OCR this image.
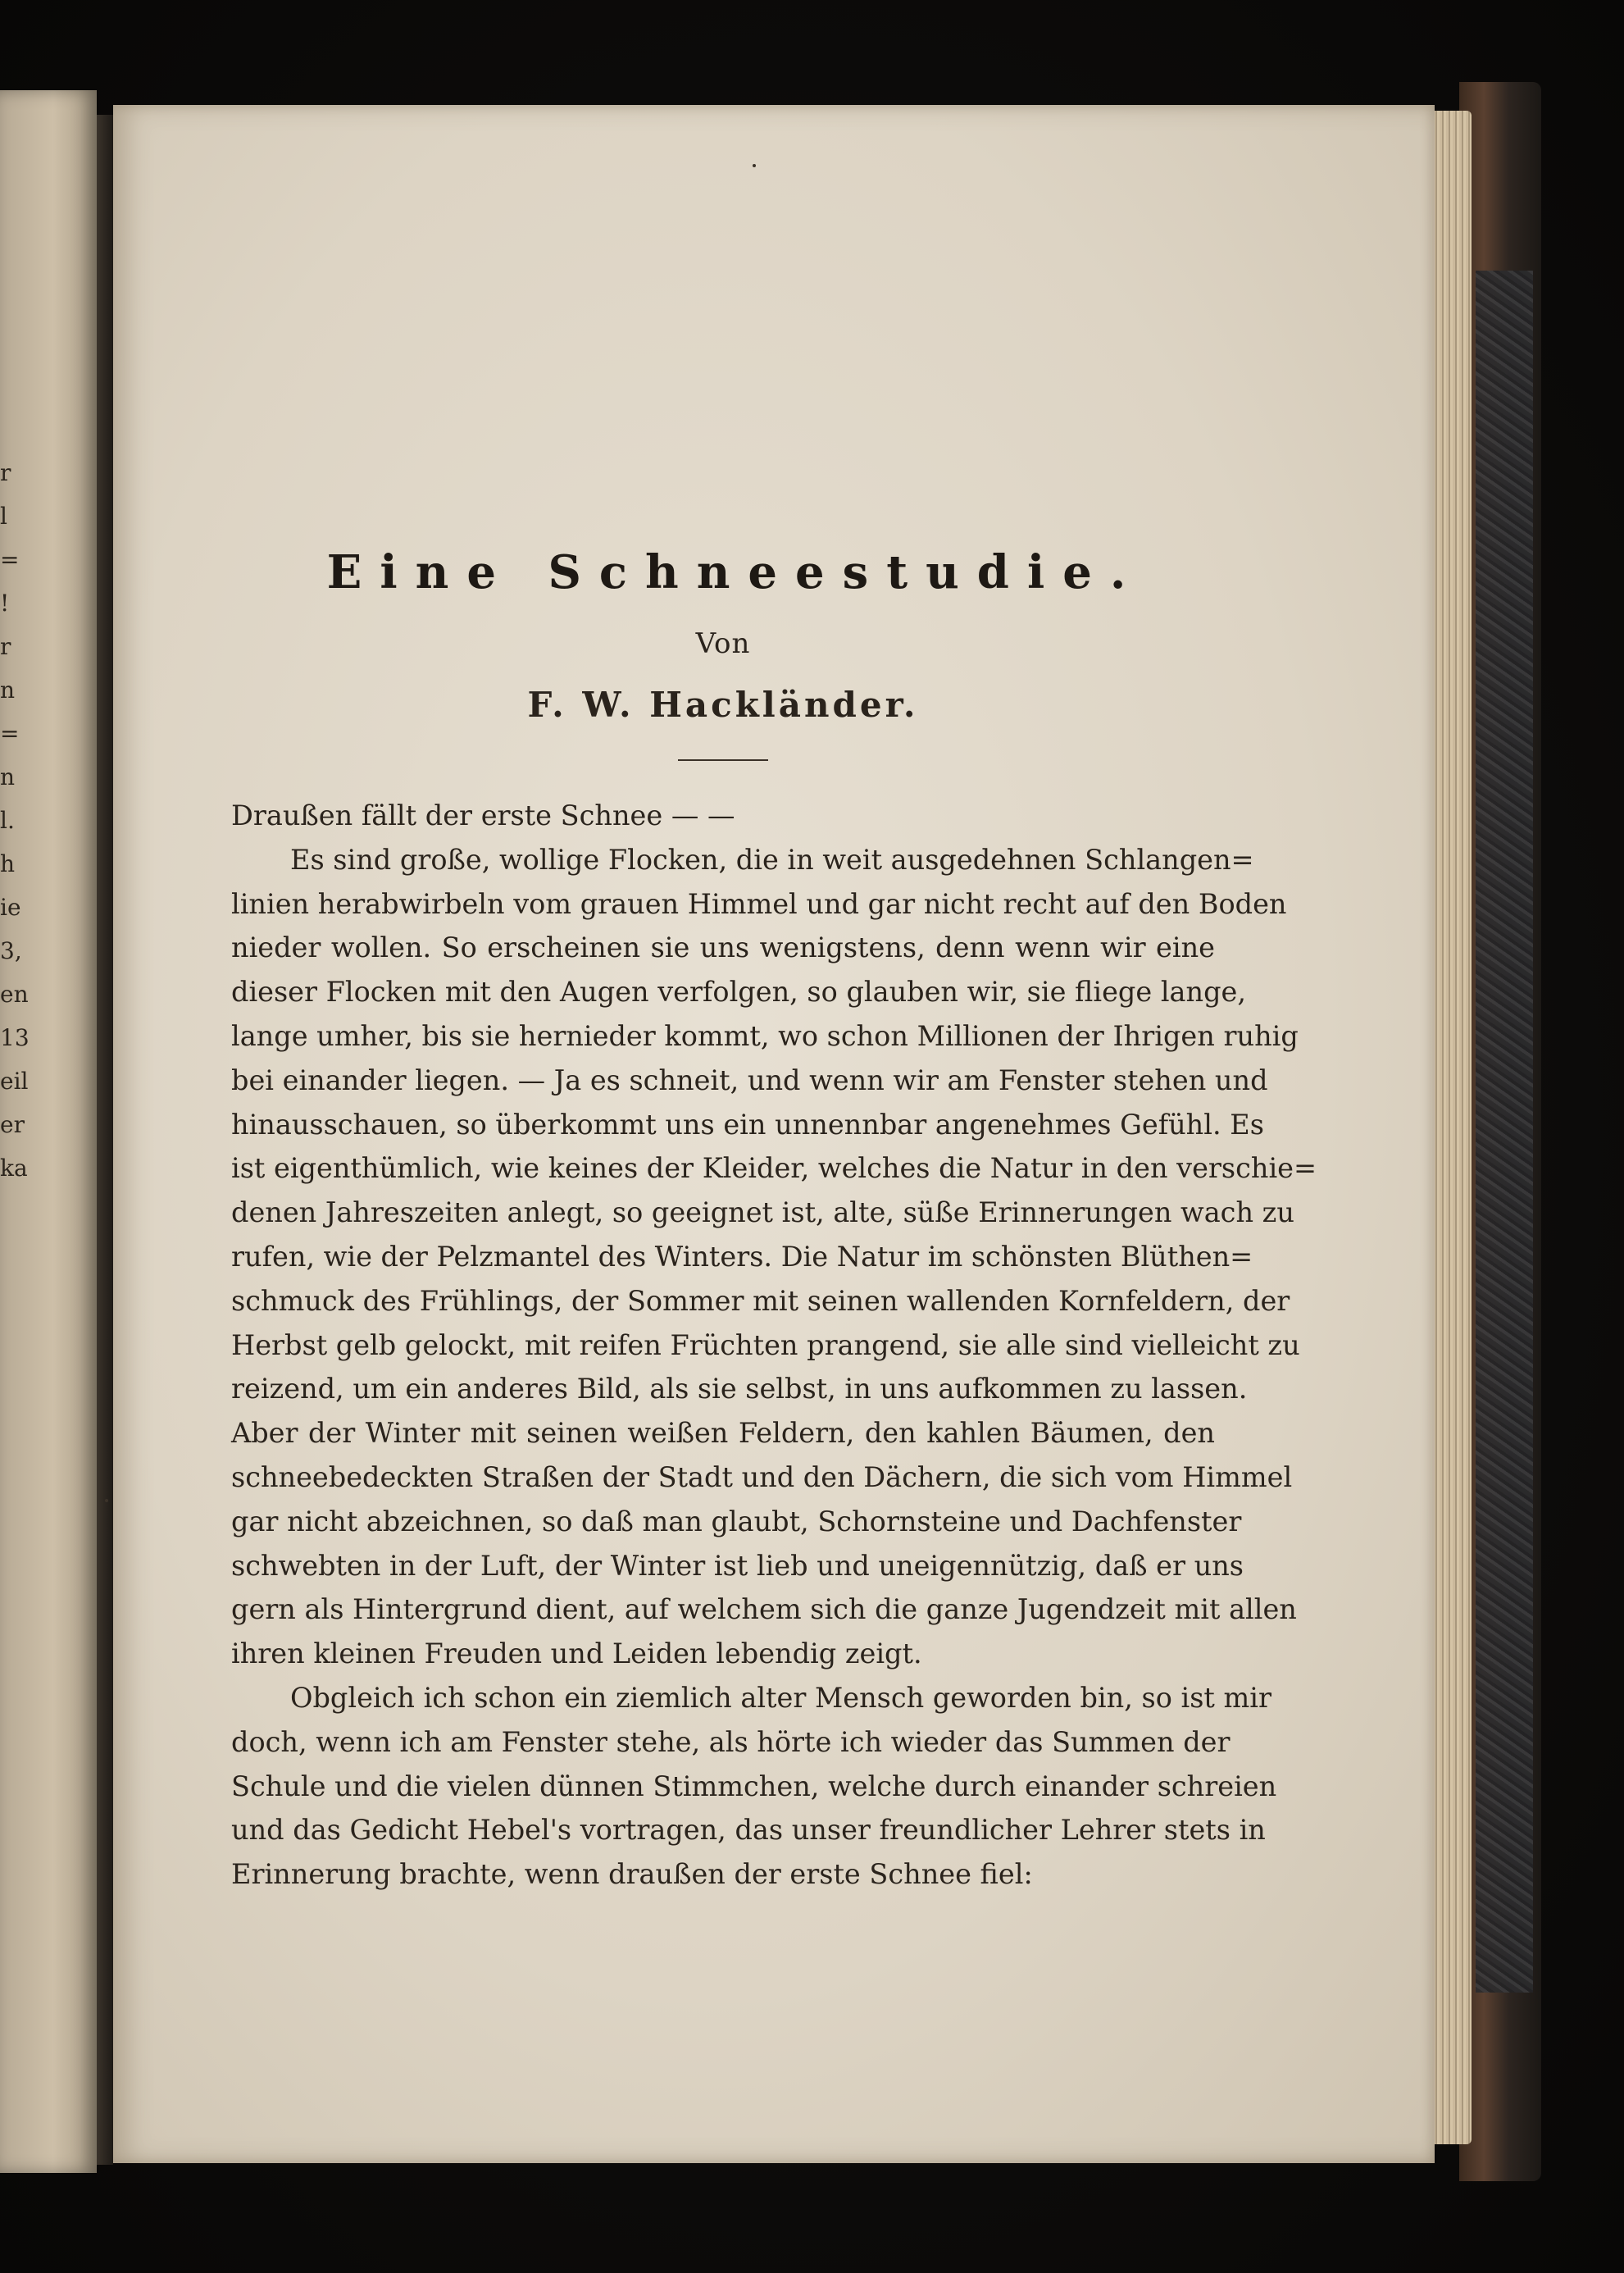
r
l
=
!
r
n
=
n
l.
h
ie
3,
en
13
eil
er
ka
Eine Schneestudie.
Von
F. W. Hackländer.

Draußen fällt der erste Schnee — —

Es sind große, wollige Flocken, die in weit ausgedehnen Schlangen=
linien herabwirbeln vom grauen Himmel und gar nicht recht auf den Boden
nieder wollen. So erscheinen sie uns wenigstens, denn wenn wir eine
dieser Flocken mit den Augen verfolgen, so glauben wir, sie fliege lange,
lange umher, bis sie hernieder kommt, wo schon Millionen der Ihrigen ruhig
bei einander liegen. — Ja es schneit, und wenn wir am Fenster stehen und
hinausschauen, so überkommt uns ein unnennbar angenehmes Gefühl. Es
ist eigenthümlich, wie keines der Kleider, welches die Natur in den verschie=
denen Jahreszeiten anlegt, so geeignet ist, alte, süße Erinnerungen wach zu
rufen, wie der Pelzmantel des Winters. Die Natur im schönsten Blüthen=
schmuck des Frühlings, der Sommer mit seinen wallenden Kornfeldern, der
Herbst gelb gelockt, mit reifen Früchten prangend, sie alle sind vielleicht zu
reizend, um ein anderes Bild, als sie selbst, in uns aufkommen zu lassen.
Aber der Winter mit seinen weißen Feldern, den kahlen Bäumen, den
schneebedeckten Straßen der Stadt und den Dächern, die sich vom Himmel
gar nicht abzeichnen, so daß man glaubt, Schornsteine und Dachfenster
schwebten in der Luft, der Winter ist lieb und uneigennützig, daß er uns
gern als Hintergrund dient, auf welchem sich die ganze Jugendzeit mit allen
ihren kleinen Freuden und Leiden lebendig zeigt.

Obgleich ich schon ein ziemlich alter Mensch geworden bin, so ist mir
doch, wenn ich am Fenster stehe, als hörte ich wieder das Summen der
Schule und die vielen dünnen Stimmchen, welche durch einander schreien
und das Gedicht Hebel's vortragen, das unser freundlicher Lehrer stets in
Erinnerung brachte, wenn draußen der erste Schnee fiel:
